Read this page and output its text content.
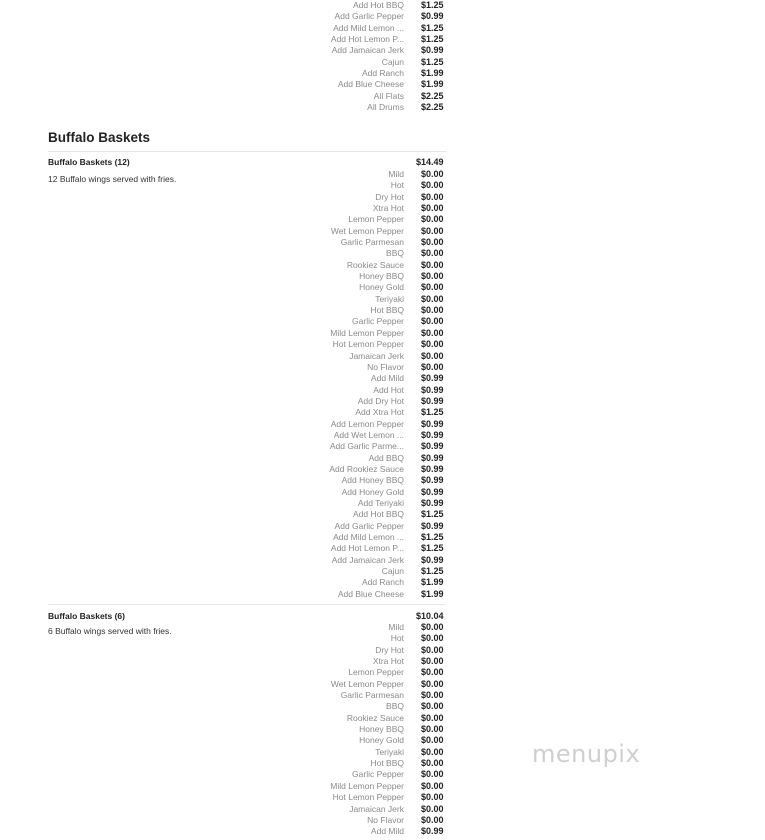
Add Hot BBQ $1.25
Add Garlic Pepper $0.99
Add Mild Lemon ... $1.25
Add Hot Lemon P... $1.25
Add Jamaican Jerk $0.99
Cajun $1.25
Add Ranch $1.99
Add Blue Cheese $1.99
All Flats $2.25
All Drums $2.25
Buffalo Baskets
Buffalo Baskets (12)	$14.49
12 Buffalo wings served with fries.	Mild $0.00
Hot $0.00
Dry Hot $0.00
Xtra Hot $0.00
Lemon Pepper $0.00
Wet Lemon Pepper $0.00
Garlic Parmesan $0.00
BBQ $0.00
Rookiez Sauce $0.00
Honey BBQ $0.00
Honey Gold $0.00
Teriyaki $0.00
Hot BBQ $0.00
Garlic Pepper $0.00
Mild Lemon Pepper $0.00
Hot Lemon Pepper $0.00
Jamaican Jerk $0.00
No Flavor $0.00
Add Mild $0.99
Add Hot $0.99
Add Dry Hot $0.99
Add Xtra Hot $1.25
Add Lemon Pepper $0.99
Add Wet Lemon ... $0.99
Add Garlic Parme... $0.99
Add BBQ $0.99
Add Rookiez Sauce $0.99
Add Honey BBQ $0.99
Add Honey Gold $0.99
Add Teriyaki $0.99
Add Hot BBQ $1.25
Add Garlic Pepper $0.99
Add Mild Lemon ... $1.25
Add Hot Lemon P... $1.25
Add Jamaican Jerk $0.99
Cajun $1.25
Add Ranch $1.99
Add Blue Cheese $1.99
Buffalo Baskets (6)	$10.04
6 Buffalo wings served with fries.	Mild $0.00
Hot $0.00
Dry Hot $0.00
Xtra Hot $0.00
Lemon Pepper $0.00
Wet Lemon Pepper $0.00
Garlic Parmesan $0.00
BBQ $0.00
Rookiez Sauce $0.00
Honey BBQ $0.00
Honey Gold $0.00
Teriyaki $0.00
Hot BBQ $0.00
Garlic Pepper $0.00
Mild Lemon Pepper $0.00
Hot Lemon Pepper $0.00
Jamaican Jerk $0.00
No Flavor $0.00
Add Mild $0.99
menupix
